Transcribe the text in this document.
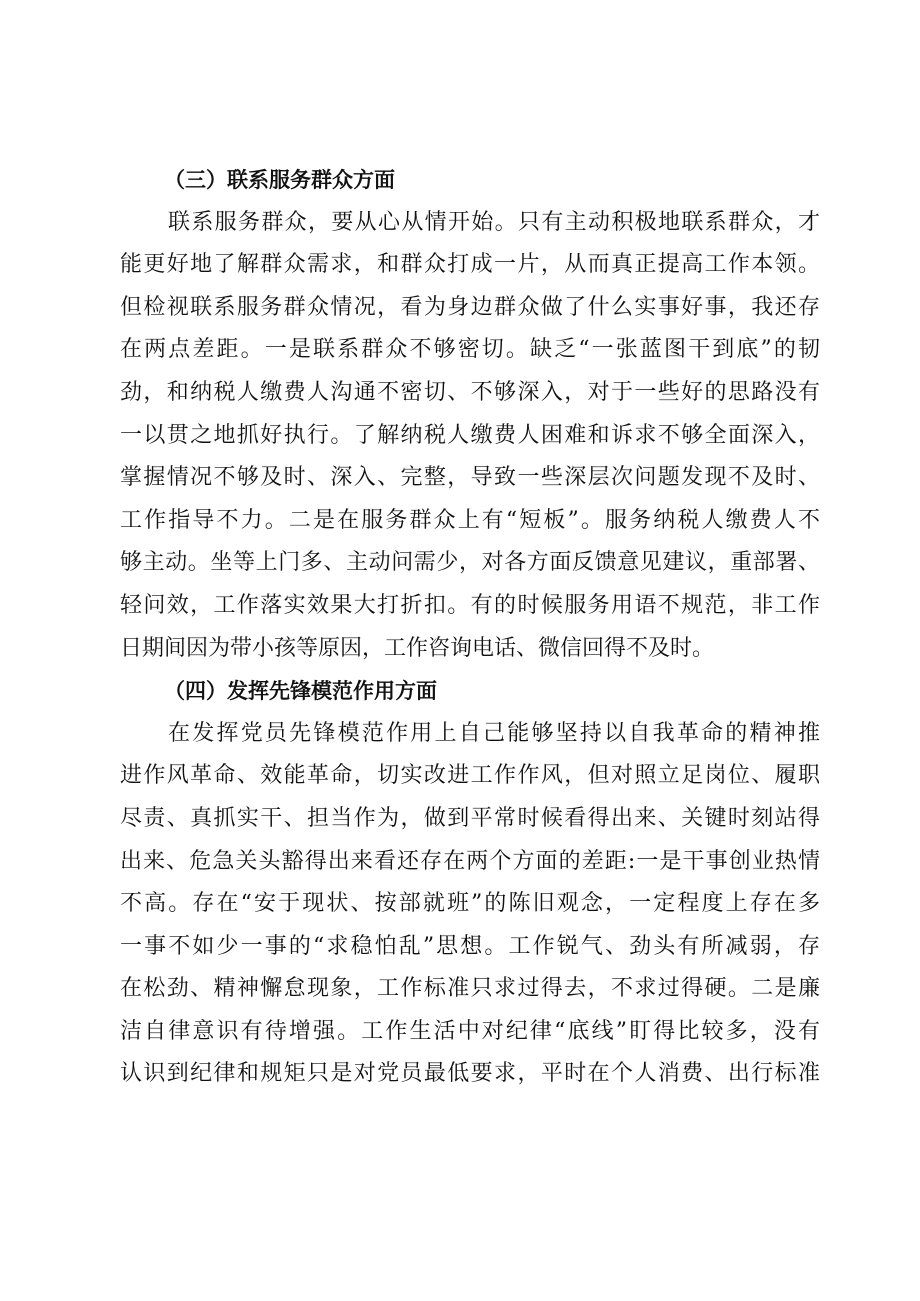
（三）联系服务群众方面
联系服务群众，要从心从情开始。只有主动积极地联系群众，才
能更好地了解群众需求，和群众打成一片，从而真正提高工作本领。
但检视联系服务群众情况，看为身边群众做了什么实事好事，我还存
在两点差距。一是联系群众不够密切。缺乏“一张蓝图干到底”的韧
劲，和纳税人缴费人沟通不密切、不够深入，对于一些好的思路没有
一以贯之地抓好执行。了解纳税人缴费人困难和诉求不够全面深入，
掌握情况不够及时、深入、完整，导致一些深层次问题发现不及时、
工作指导不力。二是在服务群众上有“短板”。服务纳税人缴费人不
够主动。坐等上门多、主动问需少，对各方面反馈意见建议，重部署、
轻问效，工作落实效果大打折扣。有的时候服务用语不规范，非工作
日期间因为带小孩等原因，工作咨询电话、微信回得不及时。
（四）发挥先锋模范作用方面
在发挥党员先锋模范作用上自己能够坚持以自我革命的精神推
进作风革命、效能革命，切实改进工作作风，但对照立足岗位、履职
尽责、真抓实干、担当作为，做到平常时候看得出来、关键时刻站得
出来、危急关头豁得出来看还存在两个方面的差距:一是干事创业热情
不高。存在“安于现状、按部就班”的陈旧观念，一定程度上存在多
一事不如少一事的“求稳怕乱”思想。工作锐气、劲头有所减弱，存
在松劲、精神懈怠现象，工作标准只求过得去，不求过得硬。二是廉
洁自律意识有待增强。工作生活中对纪律“底线”盯得比较多，没有
认识到纪律和规矩只是对党员最低要求，平时在个人消费、出行标准
